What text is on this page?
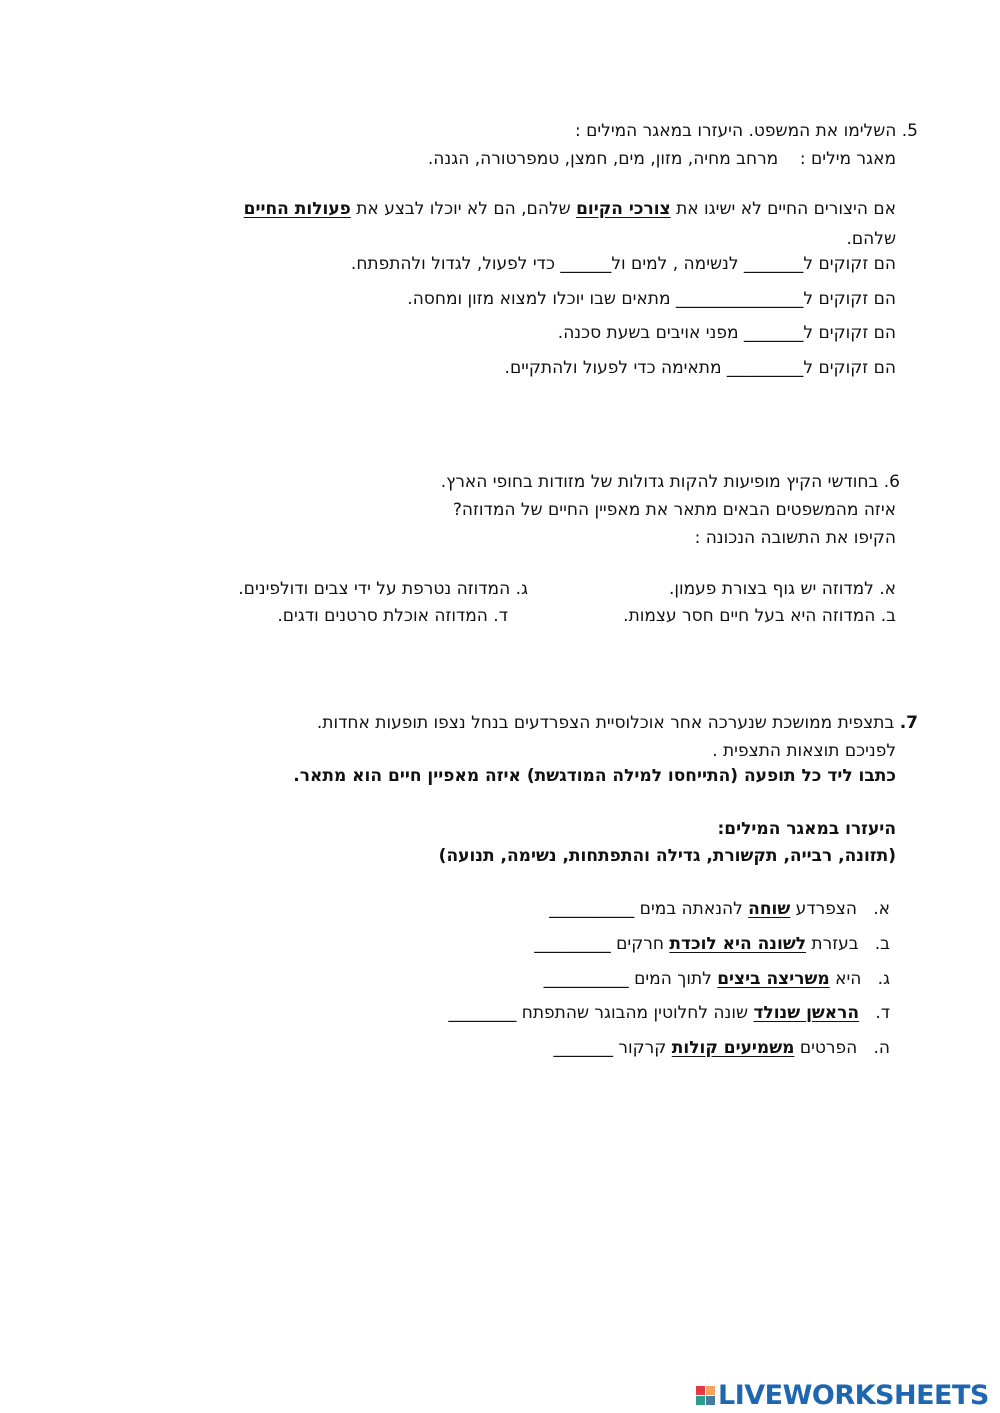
5. השלימו את המשפט. היעזרו במאגר המילים :
מאגר מילים :    מרחב מחיה, מזון, מים, חמצן, טמפרטורה, הגנה.
אם היצורים החיים לא ישיגו את צורכי הקיום שלהם, הם לא יוכלו לבצע את פעולות החיים
שלהם.
הם זקוקים ל_______ לנשימה , למים ול______ כדי לפעול, לגדול ולהתפתח.
הם זקוקים ל_______________ מתאים שבו יוכלו למצוא מזון ומחסה.
הם זקוקים ל_______ מפני אויבים בשעת סכנה.
הם זקוקים ל_________ מתאימה כדי לפעול ולהתקיים.
6. בחודשי הקיץ מופיעות להקות גדולות של מזודות בחופי הארץ.
איזה מהמשפטים הבאים מתאר את מאפיין החיים של המדוזה?
הקיפו את התשובה הנכונה :
א. למדוזה יש גוף בצורת פעמון.
ב. המדוזה היא בעל חיים חסר עצמות.
ג. המדוזה נטרפת על ידי צבים ודולפינים.
ד. המדוזה אוכלת סרטנים ודגים.
7. בתצפית ממושכת שנערכה אחר אוכלוסיית הצפרדעים בנחל נצפו תופעות אחדות.
לפניכם תוצאות התצפית .
כתבו ליד כל תופעה (התייחסו למילה המודגשת) איזה מאפיין חיים הוא מתאר.
היעזרו במאגר המילים:
(תזונה, רבייה, תקשורת, גדילה והתפתחות, נשימה, תנועה)
א.   הצפרדע שוחה להנאתה במים __________
ב.   בעזרת לשונה היא לוכדת חרקים _________
ג.   היא משריצה ביצים לתוך המים __________
ד.   הראשן שנולד שונה לחלוטין מהבוגר שהתפתח ________
ה.   הפרטים משמיעים קולות קרקור _______
LIVEWORKSHEETS
